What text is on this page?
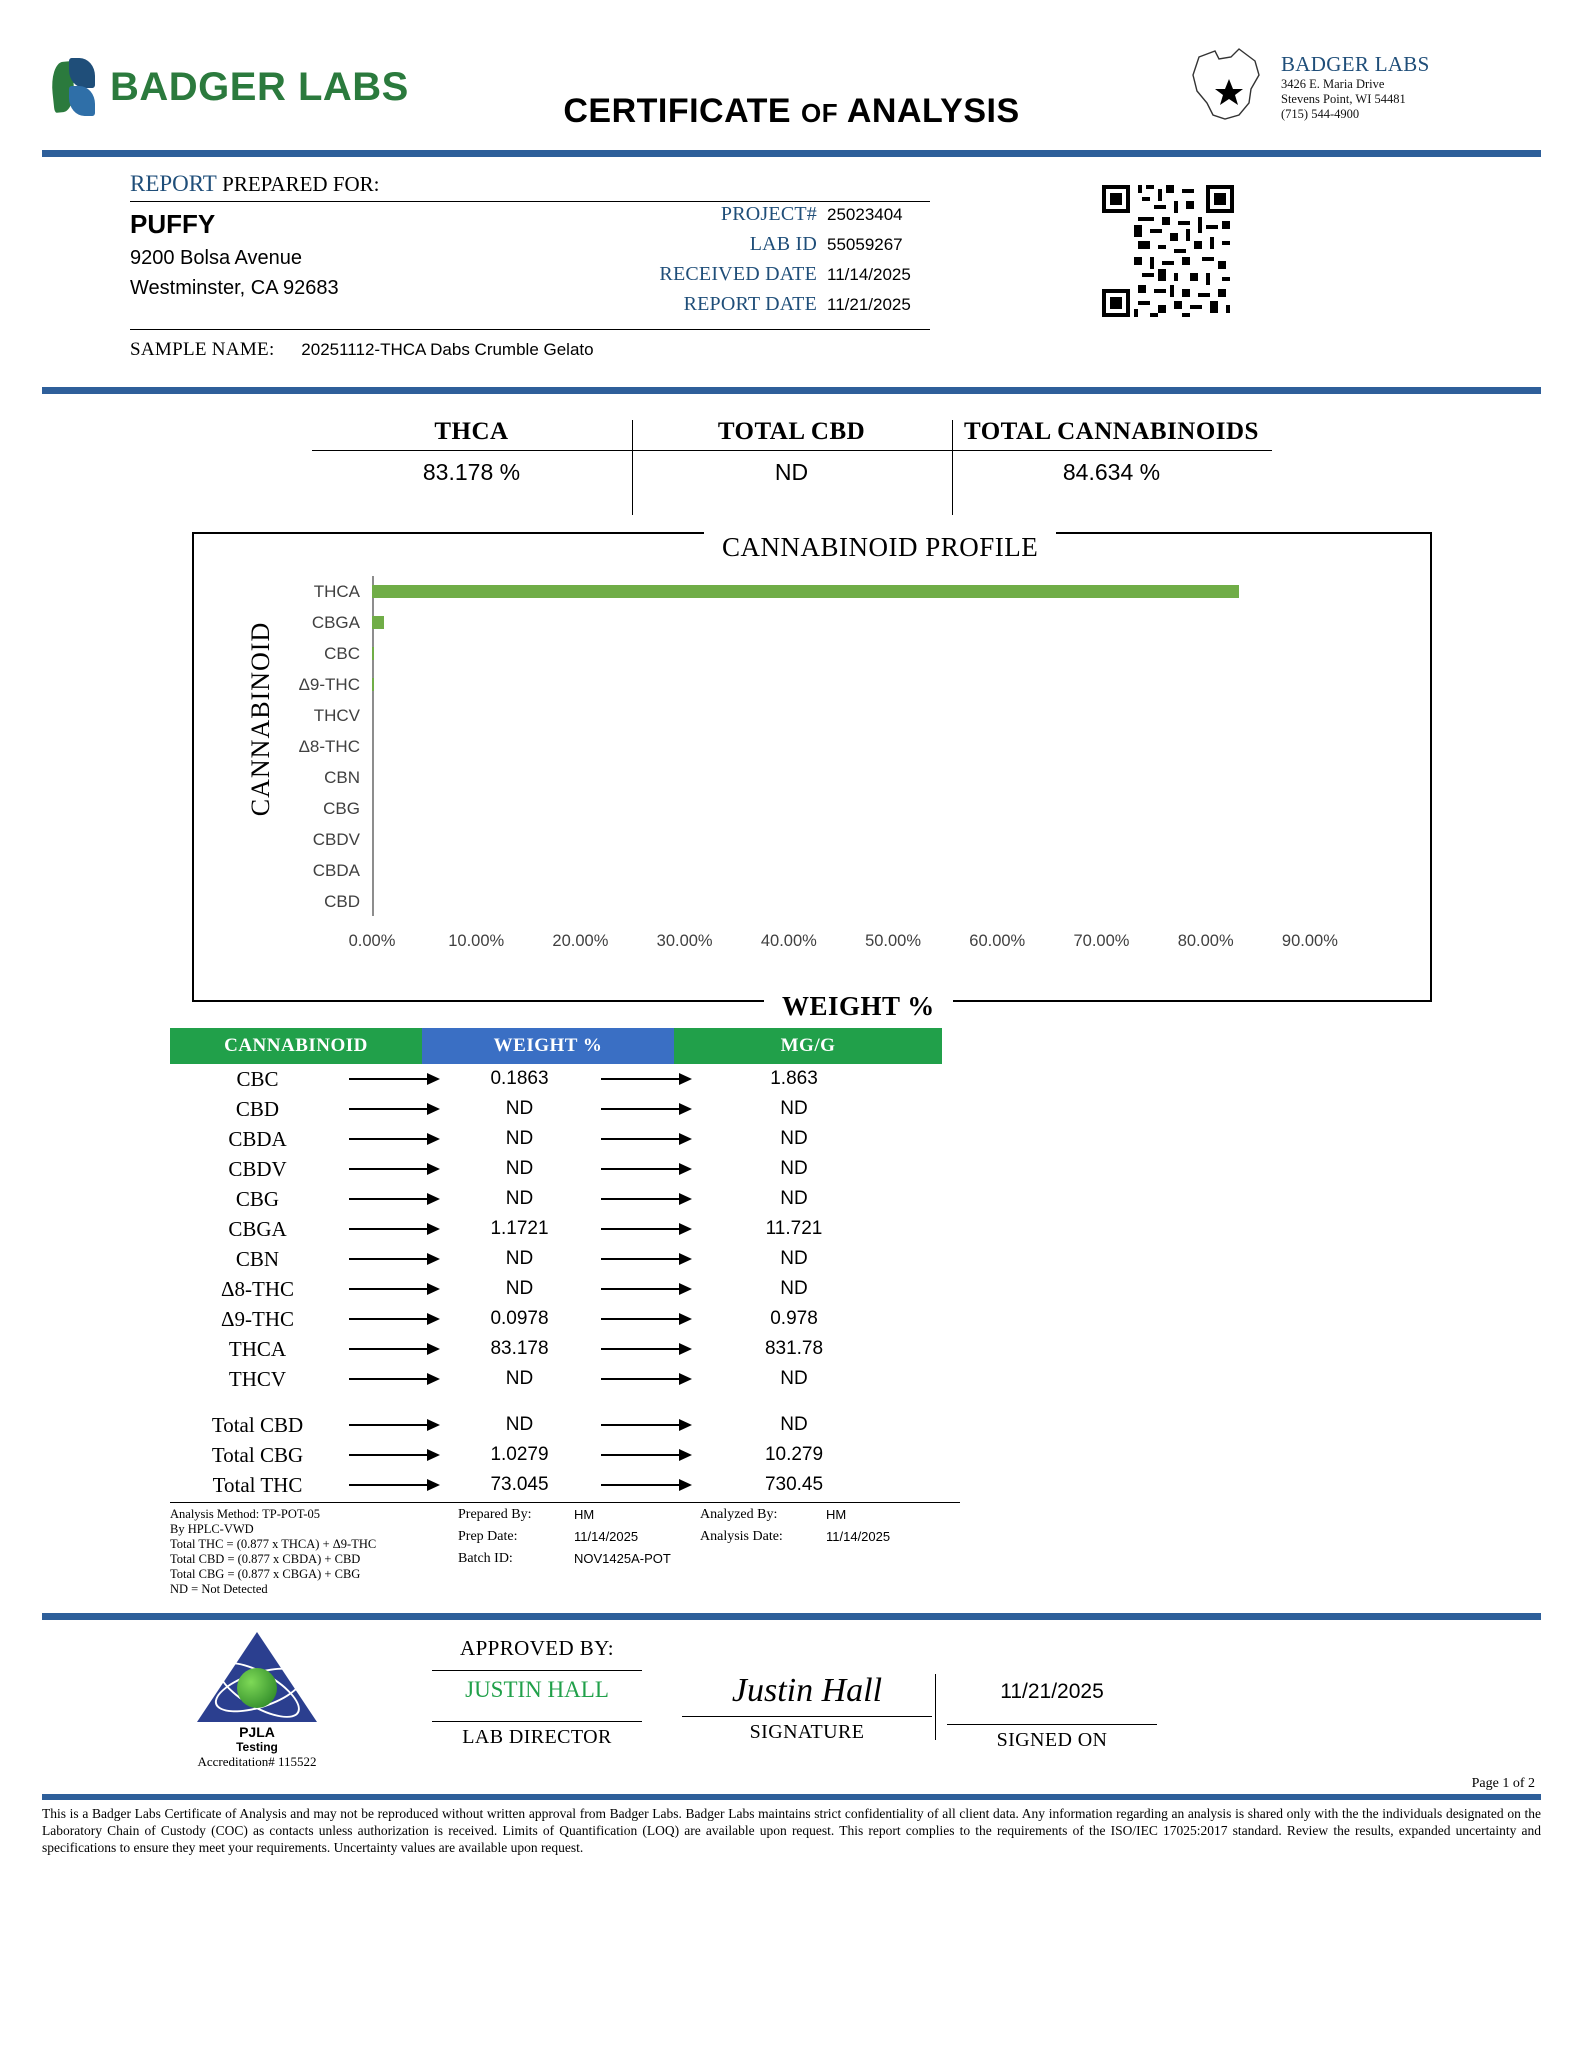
BADGER LABS
CERTIFICATE OF ANALYSIS
BADGER LABS
3426 E. Maria Drive
Stevens Point, WI 54481
(715) 544-4900
REPORT PREPARED FOR:
PUFFY
9200 Bolsa Avenue
Westminster, CA 92683
PROJECT# 25023404
LAB ID 55059267
RECEIVED DATE 11/14/2025
REPORT DATE 11/21/2025
SAMPLE NAME: 20251112-THCA Dabs Crumble Gelato
THCA	TOTAL CBD	TOTAL CANNABINOIDS
83.178 %	ND	84.634 %
CANNABINOID PROFILE
WEIGHT %
CANNABINOID
THCA
CBGA
CBC
Δ9-THC
THCV
Δ8-THC
CBN
CBG
CBDV
CBDA
CBD
0.00%	10.00%	20.00%	30.00%	40.00%	50.00%	60.00%	70.00%	80.00%	90.00%
CANNABINOID	WEIGHT %	MG/G
CBC	0.1863	1.863
CBD	ND	ND
CBDA	ND	ND
CBDV	ND	ND
CBG	ND	ND
CBGA	1.1721	11.721
CBN	ND	ND
Δ8-THC	ND	ND
Δ9-THC	0.0978	0.978
THCA	83.178	831.78
THCV	ND	ND
Total CBD	ND	ND
Total CBG	1.0279	10.279
Total THC	73.045	730.45
Analysis Method: TP-POT-05
By HPLC-VWD
Total THC = (0.877 x THCA) + Δ9-THC
Total CBD = (0.877 x CBDA) + CBD
Total CBG = (0.877 x CBGA) + CBG
ND = Not Detected
Prepared By:	HM
Prep Date:	11/14/2025
Batch ID:	NOV1425A-POT
Analyzed By:	HM
Analysis Date:	11/14/2025
PJLA
Testing
Accreditation# 115522
APPROVED BY:
JUSTIN HALL
LAB DIRECTOR

Justin Hall
SIGNATURE

11/21/2025
SIGNED ON
Page 1 of 2
This is a Badger Labs Certificate of Analysis and may not be reproduced without written approval from Badger Labs. Badger Labs maintains strict confidentiality of all client data. Any information regarding an analysis is shared only with the the individuals designated on the Laboratory Chain of Custody (COC) as contacts unless authorization is received. Limits of Quantification (LOQ) are available upon request. This report complies to the requirements of the ISO/IEC 17025:2017 standard. Review the results, expanded uncertainty and specifications to ensure they meet your requirements. Uncertainty values are available upon request.
